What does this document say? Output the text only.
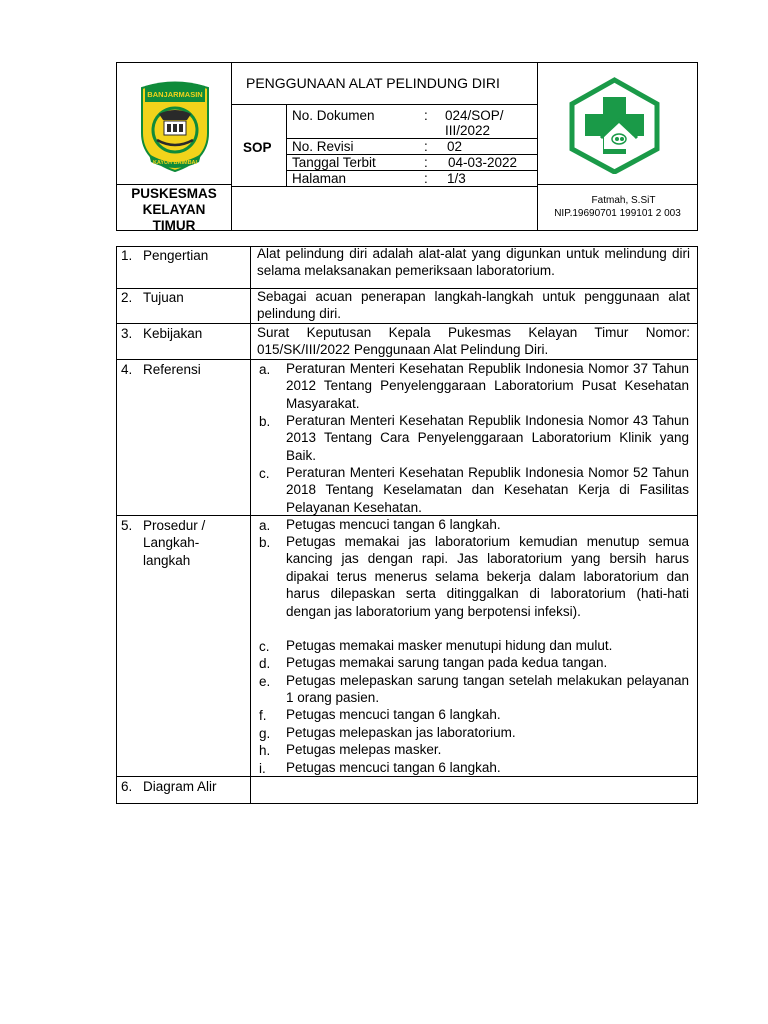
BANJARMASIN
KAYUH BAIMBAI
PENGGUNAAN ALAT PELINDUNG DIRI
SOP
No. Dokumen	: 024/SOP/
III/2022
No. Revisi	: 02
Tanggal Terbit	: 04-03-2022
Halaman	: 1/3
PUSKESMAS
KELAYAN
TIMUR
Fatmah, S.SiT
NIP.19690701 199101 2 003
1. Pengertian	Alat pelindung diri adalah alat-alat yang digunkan untuk melindung diri selama melaksanakan pemeriksaan laboratorium.
2. Tujuan	Sebagai acuan penerapan langkah-langkah untuk penggunaan alat pelindung diri.
3. Kebijakan	Surat Keputusan Kepala Pukesmas Kelayan Timur Nomor: 015/SK/III/2022 Penggunaan Alat Pelindung Diri.
4. Referensi	a. Peraturan Menteri Kesehatan Republik Indonesia Nomor 37 Tahun 2012 Tentang Penyelenggaraan Laboratorium Pusat Kesehatan Masyarakat.
b. Peraturan Menteri Kesehatan Republik Indonesia Nomor 43 Tahun 2013 Tentang Cara Penyelenggaraan Laboratorium Klinik yang Baik.
c. Peraturan Menteri Kesehatan Republik Indonesia Nomor 52 Tahun 2018 Tentang Keselamatan dan Kesehatan Kerja di Fasilitas Pelayanan Kesehatan.
5. Prosedur /
Langkah-
langkah
a. Petugas mencuci tangan 6 langkah.
b. Petugas memakai jas laboratorium kemudian menutup semua kancing jas dengan rapi. Jas laboratorium yang bersih harus dipakai terus menerus selama bekerja dalam laboratorium dan harus dilepaskan serta ditinggalkan di laboratorium (hati-hati dengan jas laboratorium yang berpotensi infeksi).
c. Petugas memakai masker menutupi hidung dan mulut.
d. Petugas memakai sarung tangan pada kedua tangan.
e. Petugas melepaskan sarung tangan setelah melakukan pelayanan 1 orang pasien.
f. Petugas mencuci tangan 6 langkah.
g. Petugas melepaskan jas laboratorium.
h. Petugas melepas masker.
i. Petugas mencuci tangan 6 langkah.
6. Diagram Alir
